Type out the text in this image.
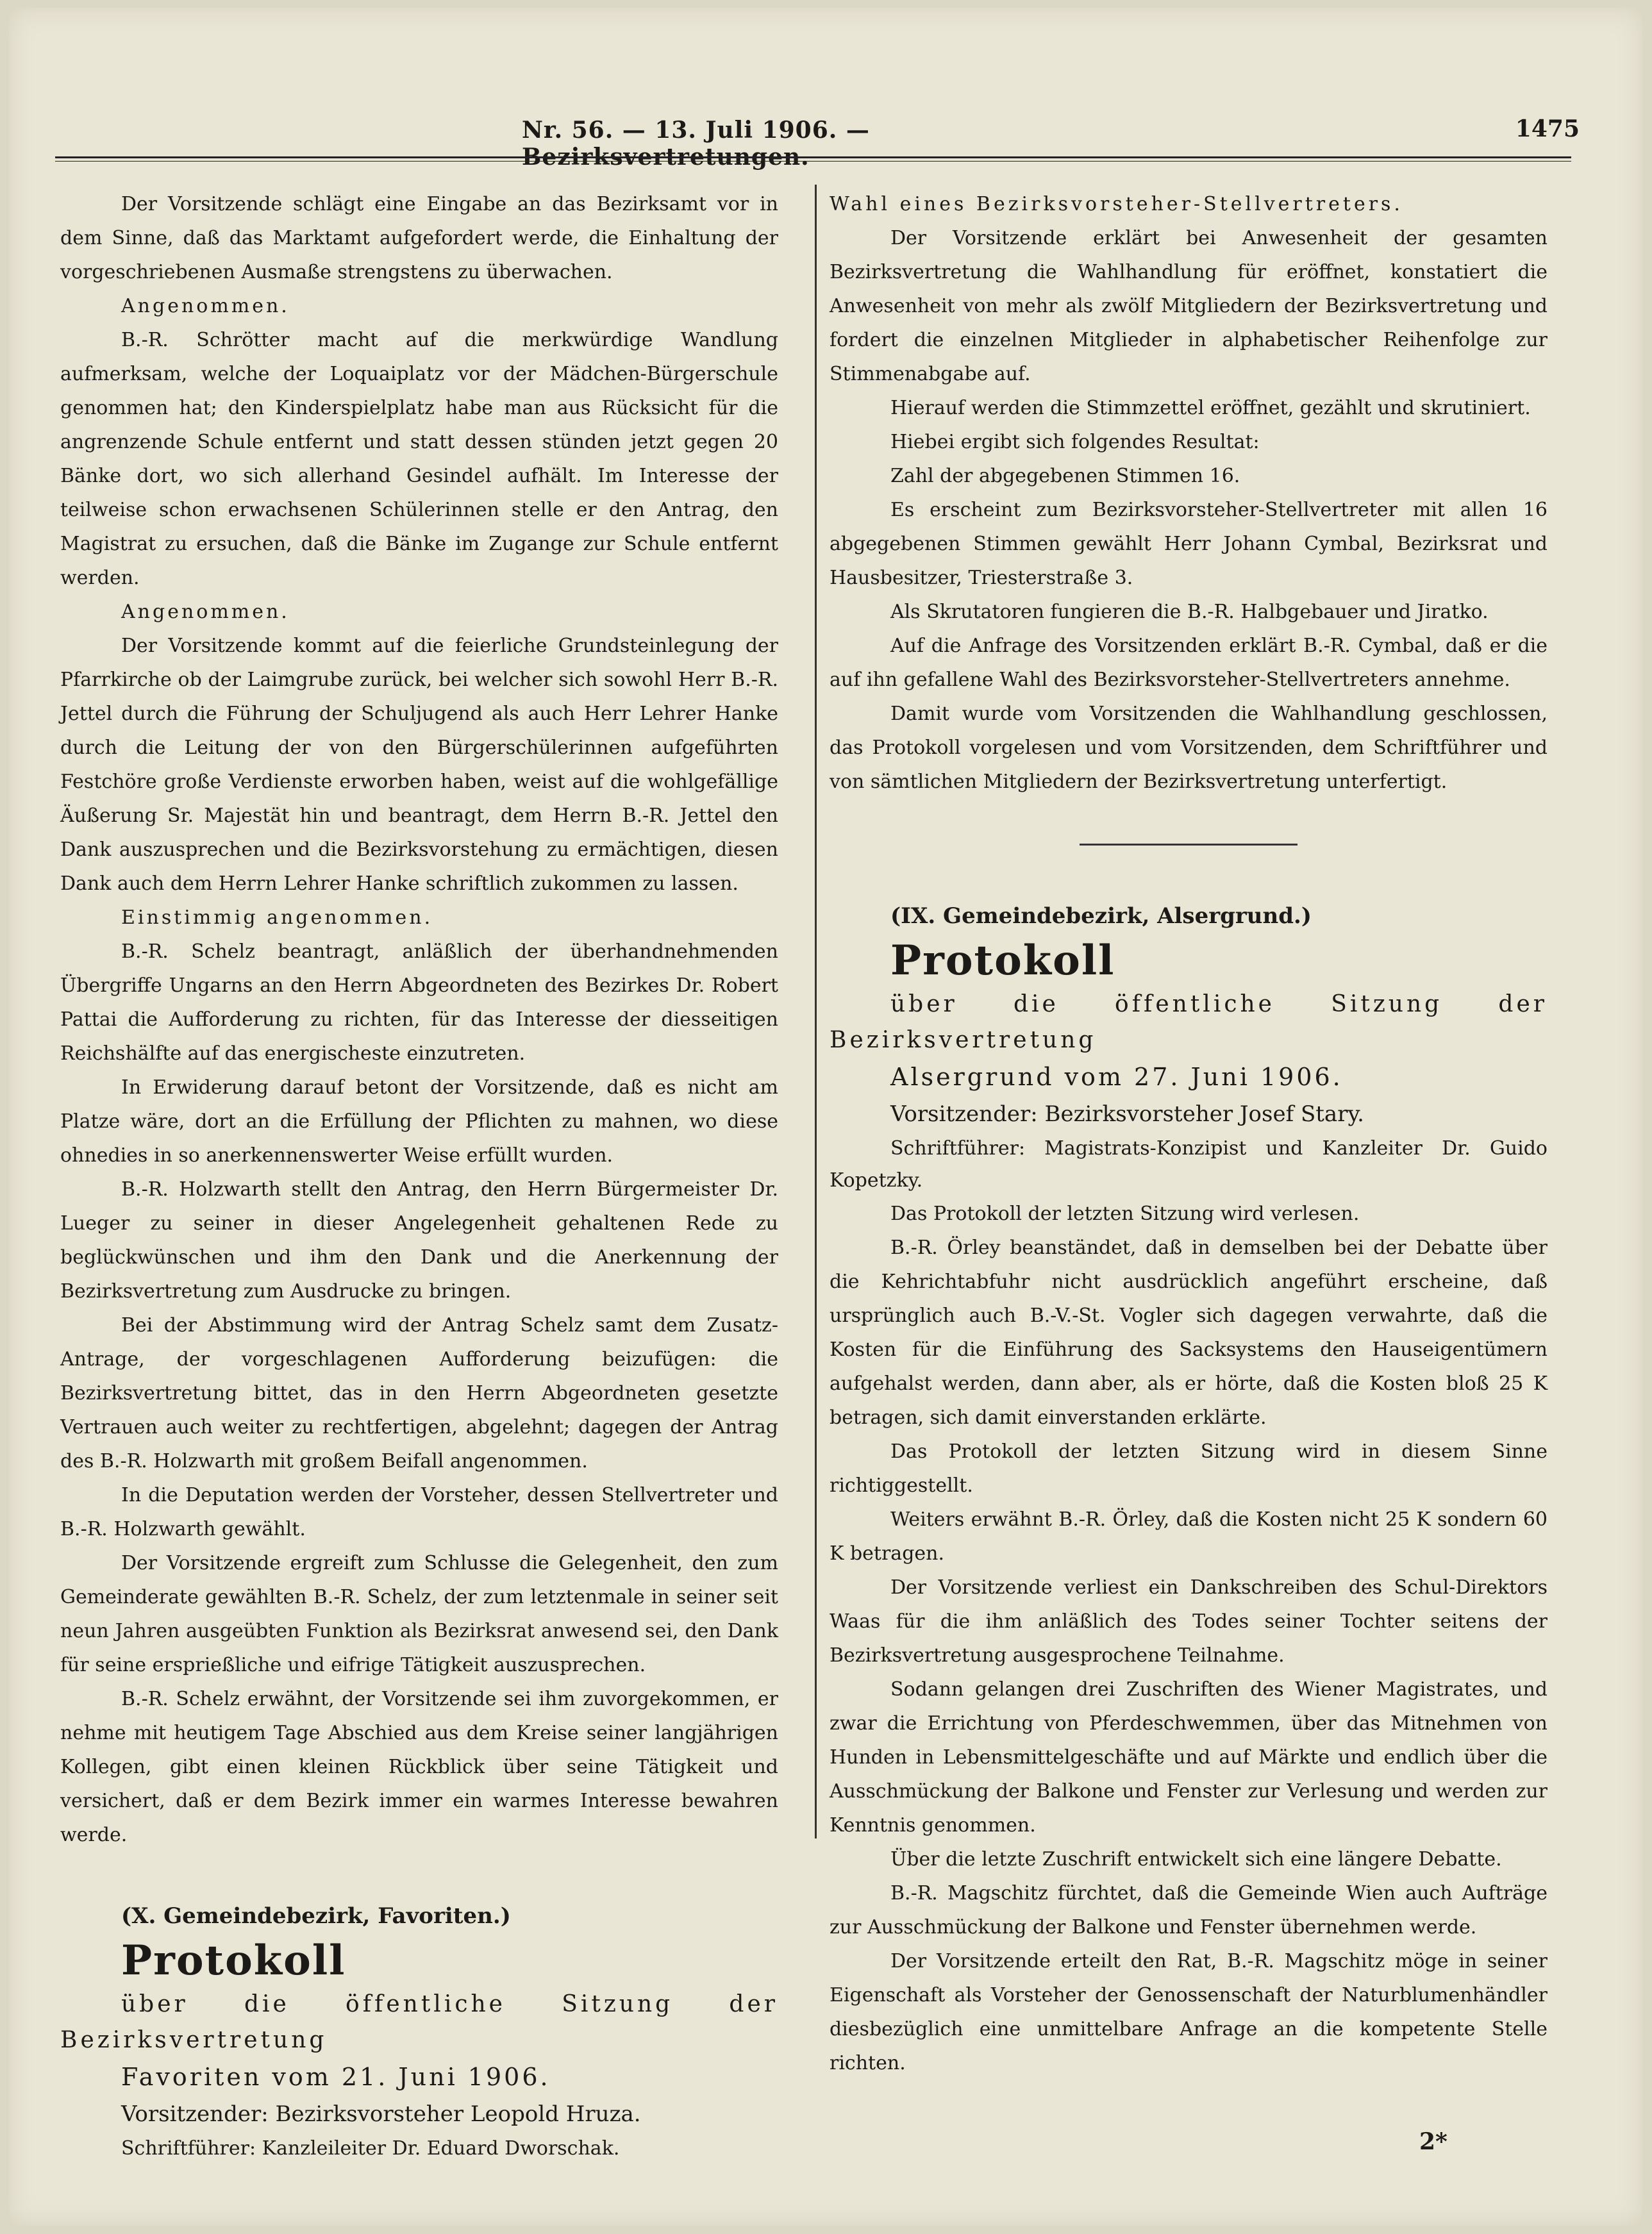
Nr. 56. — 13. Juli 1906. — Bezirksvertretungen.
1475

Der Vorsitzende schlägt eine Eingabe an das Bezirksamt vor in dem Sinne, daß das Marktamt aufgefordert werde, die Einhaltung der vorgeschriebenen Ausmaße strengstens zu überwachen.

Angenommen.

B.-R. Schrötter macht auf die merkwürdige Wandlung aufmerksam, welche der Loquaiplatz vor der Mädchen-Bürgerschule genommen hat; den Kinderspielplatz habe man aus Rücksicht für die angrenzende Schule entfernt und statt dessen stünden jetzt gegen 20 Bänke dort, wo sich allerhand Gesindel aufhält. Im Interesse der teilweise schon erwachsenen Schülerinnen stelle er den Antrag, den Magistrat zu ersuchen, daß die Bänke im Zugange zur Schule entfernt werden.

Angenommen.

Der Vorsitzende kommt auf die feierliche Grundsteinlegung der Pfarrkirche ob der Laimgrube zurück, bei welcher sich sowohl Herr B.-R. Jettel durch die Führung der Schuljugend als auch Herr Lehrer Hanke durch die Leitung der von den Bürgerschülerinnen aufgeführten Festchöre große Verdienste erworben haben, weist auf die wohlgefällige Äußerung Sr. Majestät hin und beantragt, dem Herrn B.-R. Jettel den Dank auszusprechen und die Bezirksvorstehung zu ermächtigen, diesen Dank auch dem Herrn Lehrer Hanke schriftlich zukommen zu lassen.

Einstimmig angenommen.

B.-R. Schelz beantragt, anläßlich der überhandnehmenden Übergriffe Ungarns an den Herrn Abgeordneten des Bezirkes Dr. Robert Pattai die Aufforderung zu richten, für das Interesse der diesseitigen Reichshälfte auf das energischeste einzutreten.

In Erwiderung darauf betont der Vorsitzende, daß es nicht am Platze wäre, dort an die Erfüllung der Pflichten zu mahnen, wo diese ohnedies in so anerkennenswerter Weise erfüllt wurden.

B.-R. Holzwarth stellt den Antrag, den Herrn Bürgermeister Dr. Lueger zu seiner in dieser Angelegenheit gehaltenen Rede zu beglückwünschen und ihm den Dank und die Anerkennung der Bezirksvertretung zum Ausdrucke zu bringen.

Bei der Abstimmung wird der Antrag Schelz samt dem Zusatz-Antrage, der vorgeschlagenen Aufforderung beizufügen: die Bezirksvertretung bittet, das in den Herrn Abgeordneten gesetzte Vertrauen auch weiter zu rechtfertigen, abgelehnt; dagegen der Antrag des B.-R. Holzwarth mit großem Beifall angenommen.

In die Deputation werden der Vorsteher, dessen Stellvertreter und B.-R. Holzwarth gewählt.

Der Vorsitzende ergreift zum Schlusse die Gelegenheit, den zum Gemeinderate gewählten B.-R. Schelz, der zum letztenmale in seiner seit neun Jahren ausgeübten Funktion als Bezirksrat anwesend sei, den Dank für seine ersprießliche und eifrige Tätigkeit auszusprechen.

B.-R. Schelz erwähnt, der Vorsitzende sei ihm zuvorgekommen, er nehme mit heutigem Tage Abschied aus dem Kreise seiner langjährigen Kollegen, gibt einen kleinen Rückblick über seine Tätigkeit und versichert, daß er dem Bezirk immer ein warmes Interesse bewahren werde.

(X. Gemeindebezirk, Favoriten.)

Protokoll

über die öffentliche Sitzung der Bezirksvertretung

Favoriten vom 21. Juni 1906.

Vorsitzender: Bezirksvorsteher Leopold Hruza.

Schriftführer: Kanzleileiter Dr. Eduard Dworschak.

Wahl eines Bezirksvorsteher-Stellvertreters.

Der Vorsitzende erklärt bei Anwesenheit der gesamten Bezirksvertretung die Wahlhandlung für eröffnet, konstatiert die Anwesenheit von mehr als zwölf Mitgliedern der Bezirksvertretung und fordert die einzelnen Mitglieder in alphabetischer Reihenfolge zur Stimmenabgabe auf.

Hierauf werden die Stimmzettel eröffnet, gezählt und skrutiniert.

Hiebei ergibt sich folgendes Resultat:

Zahl der abgegebenen Stimmen 16.

Es erscheint zum Bezirksvorsteher-Stellvertreter mit allen 16 abgegebenen Stimmen gewählt Herr Johann Cymbal, Bezirksrat und Hausbesitzer, Triesterstraße 3.

Als Skrutatoren fungieren die B.-R. Halbgebauer und Jiratko.

Auf die Anfrage des Vorsitzenden erklärt B.-R. Cymbal, daß er die auf ihn gefallene Wahl des Bezirksvorsteher-Stellvertreters annehme.

Damit wurde vom Vorsitzenden die Wahlhandlung geschlossen, das Protokoll vorgelesen und vom Vorsitzenden, dem Schriftführer und von sämtlichen Mitgliedern der Bezirksvertretung unterfertigt.

(IX. Gemeindebezirk, Alsergrund.)

Protokoll

über die öffentliche Sitzung der Bezirksvertretung

Alsergrund vom 27. Juni 1906.

Vorsitzender: Bezirksvorsteher Josef Stary.

Schriftführer: Magistrats-Konzipist und Kanzleiter Dr. Guido Kopetzky.

Das Protokoll der letzten Sitzung wird verlesen.

B.-R. Örley beanständet, daß in demselben bei der Debatte über die Kehrichtabfuhr nicht ausdrücklich angeführt erscheine, daß ursprünglich auch B.-V.-St. Vogler sich dagegen verwahrte, daß die Kosten für die Einführung des Sacksystems den Hauseigentümern aufgehalst werden, dann aber, als er hörte, daß die Kosten bloß 25 K betragen, sich damit einverstanden erklärte.

Das Protokoll der letzten Sitzung wird in diesem Sinne richtiggestellt.

Weiters erwähnt B.-R. Örley, daß die Kosten nicht 25 K sondern 60 K betragen.

Der Vorsitzende verliest ein Dankschreiben des Schul-Direktors Waas für die ihm anläßlich des Todes seiner Tochter seitens der Bezirksvertretung ausgesprochene Teilnahme.

Sodann gelangen drei Zuschriften des Wiener Magistrates, und zwar die Errichtung von Pferdeschwemmen, über das Mitnehmen von Hunden in Lebensmittelgeschäfte und auf Märkte und endlich über die Ausschmückung der Balkone und Fenster zur Verlesung und werden zur Kenntnis genommen.

Über die letzte Zuschrift entwickelt sich eine längere Debatte.

B.-R. Magschitz fürchtet, daß die Gemeinde Wien auch Aufträge zur Ausschmückung der Balkone und Fenster übernehmen werde.

Der Vorsitzende erteilt den Rat, B.-R. Magschitz möge in seiner Eigenschaft als Vorsteher der Genossenschaft der Naturblumenhändler diesbezüglich eine unmittelbare Anfrage an die kompetente Stelle richten.

2*
